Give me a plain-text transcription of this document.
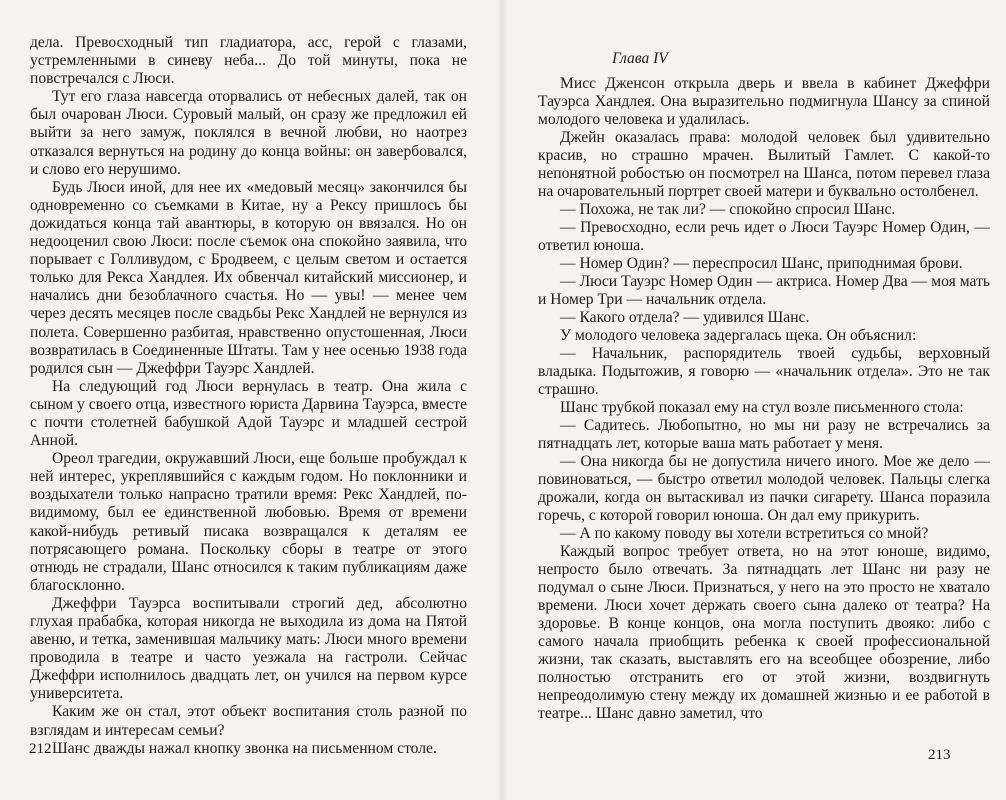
дела. Превосходный тип гладиатора, асс, герой с глазами, устремленными в синеву неба... До той минуты, пока не повстречался с Люси.

Тут его глаза навсегда оторвались от небесных далей, так он был очарован Люси. Суровый малый, он сразу же предложил ей выйти за него замуж, поклялся в вечной любви, но наотрез отказался вернуться на родину до конца войны: он завербовался, и слово его нерушимо.

Будь Люси иной, для нее их «медовый месяц» закончился бы одновременно со съемками в Китае, ну а Рексу пришлось бы дожидаться конца тай авантюры, в которую он ввязался. Но он недооценил свою Люси: после съемок она спокойно заявила, что порывает с Голливудом, с Бродвеем, с целым светом и остается только для Рекса Хандлея. Их обвенчал китайский миссионер, и начались дни безоблачного счастья. Но — увы! — менее чем через десять месяцев после свадьбы Рекс Хандлей не вернулся из полета. Совершенно разбитая, нравственно опустошенная, Люси возвратилась в Соединенные Штаты. Там у нее осенью 1938 года родился сын — Джеффри Тауэрс Хандлей.

На следующий год Люси вернулась в театр. Она жила с сыном у своего отца, известного юриста Дарвина Тауэрса, вместе с почти столетней бабушкой Адой Тауэрс и младшей сестрой Анной.

Ореол трагедии, окружавший Люси, еще больше пробуждал к ней интерес, укреплявшийся с каждым годом. Но поклонники и воздыхатели только напрасно тратили время: Рекс Хандлей, по-видимому, был ее единственной любовью. Время от времени какой-нибудь ретивый писака возвращался к деталям ее потрясающего романа. Поскольку сборы в театре от этого отнюдь не страдали, Шанс относился к таким публикациям даже благосклонно.

Джеффри Тауэрса воспитывали строгий дед, абсолютно глухая прабабка, которая никогда не выходила из дома на Пятой авеню, и тетка, заменившая мальчику мать: Люси много времени проводила в театре и часто уезжала на гастроли. Сейчас Джеффри исполнилось двадцать лет, он учился на первом курсе университета.

Каким же он стал, этот объект воспитания столь разной по взглядам и интересам семьи?

Шанс дважды нажал кнопку звонка на письменном столе.

212

Мисс Дженсон открыла дверь и ввела в кабинет Джеффри Тауэрса Хандлея. Она выразительно подмигнула Шансу за спиной молодого человека и удалилась.

Джейн оказалась права: молодой человек был удивительно красив, но страшно мрачен. Вылитый Гамлет. С какой-то непонятной робостью он посмотрел на Шанса, потом перевел глаза на очаровательный портрет своей матери и буквально остолбенел.

— Похожа, не так ли? — спокойно спросил Шанс.

— Превосходно, если речь идет о Люси Тауэрс Номер Один, — ответил юноша.

— Номер Один? — переспросил Шанс, приподнимая брови.

— Люси Тауэрс Номер Один — актриса. Номер Два — моя мать и Номер Три — начальник отдела.

— Какого отдела? — удивился Шанс.

У молодого человека задергалась щека. Он объяснил:

— Начальник, распорядитель твоей судьбы, верховный владыка. Подытожив, я говорю — «начальник отдела». Это не так страшно.

Шанс трубкой показал ему на стул возле письменного стола:

— Садитесь. Любопытно, но мы ни разу не встречались за пятнадцать лет, которые ваша мать работает у меня.

— Она никогда бы не допустила ничего иного. Мое же дело — повиноваться, — быстро ответил молодой человек. Пальцы слегка дрожали, когда он вытаскивал из пачки сигарету. Шанса поразила горечь, с которой говорил юноша. Он дал ему прикурить.

— А по какому поводу вы хотели встретиться со мной?

Каждый вопрос требует ответа, но на этот юноше, видимо, непросто было отвечать. За пятнадцать лет Шанс ни разу не подумал о сыне Люси. Признаться, у него на это просто не хватало времени. Люси хочет держать своего сына далеко от театра? На здоровье. В конце концов, она могла поступить двояко: либо с самого начала приобщить ребенка к своей профессиональной жизни, так сказать, выставлять его на всеобщее обозрение, либо полностью отстранить его от этой жизни, воздвигнуть непреодолимую стену между их домашней жизнью и ее работой в театре... Шанс давно заметил, что

213
Глава IV
